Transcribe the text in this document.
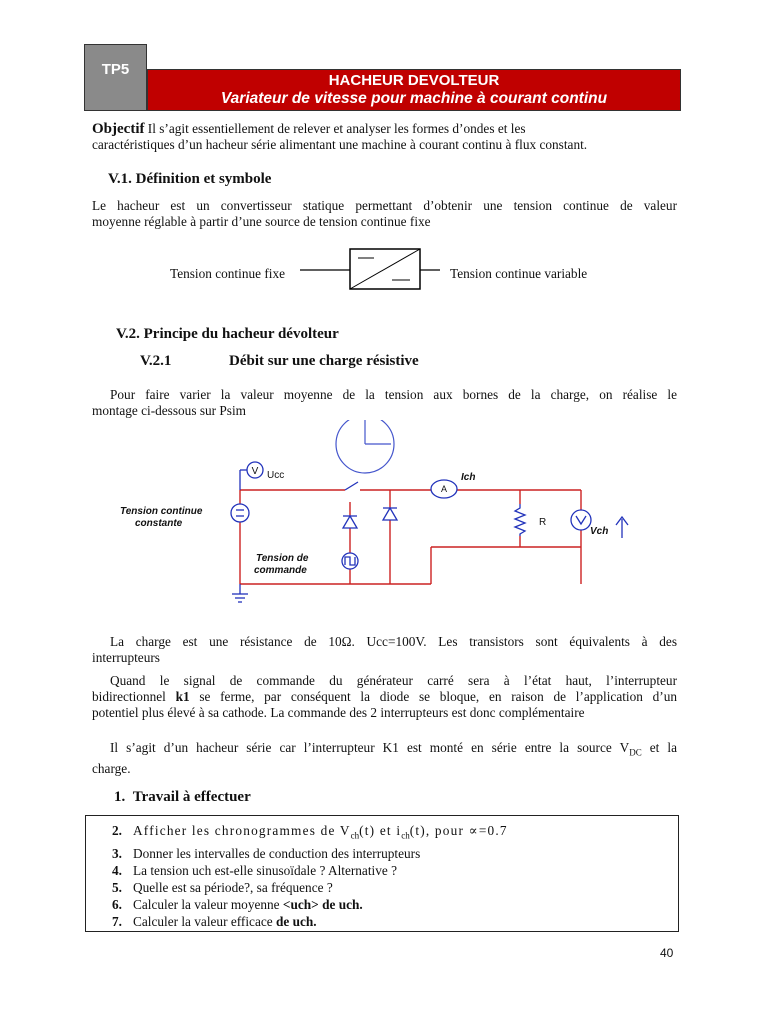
TP5
HACHEUR DEVOLTEUR
Variateur de vitesse pour machine à courant continu
Objectif Il s’agit essentiellement de relever et analyser les formes d’ondes et les
caractéristiques d’un hacheur série alimentant une machine à courant continu à flux constant.
V.1. Définition et symbole
Le hacheur est un convertisseur statique permettant d’obtenir une tension continue de valeur
moyenne réglable à partir d’une source de tension continue fixe
Tension continue fixe	Tension continue variable
V.2. Principe du hacheur dévolteur
V.2.1	Débit sur une charge résistive
Pour faire varier la valeur moyenne de la tension aux bornes de la charge, on réalise le
montage ci-dessous sur Psim
V
A
Ucc	Ich
R
Vch
Tension continue
constante
Tension de
commande
La charge est une résistance de 10Ω. Ucc=100V. Les transistors sont équivalents à des
interrupteurs
Quand le signal de commande du générateur carré sera à l’état haut, l’interrupteur
bidirectionnel k1 se ferme, par conséquent la diode se bloque, en raison de l’application d’un
potentiel plus élevé à sa cathode. La commande des 2 interrupteurs est donc complémentaire
Il s’agit d’un hacheur série car l’interrupteur K1 est monté en série entre la source $V_{DC}$ et la
charge.
1. Travail à effectuer
2. Afficher les chronogrammes de $V_{ch}(t)$ et $i_{ch}(t)$, pour ∝=0.7
3. Donner les intervalles de conduction des interrupteurs
4. La tension uch est-elle sinusoïdale ? Alternative ?
5. Quelle est sa période?, sa fréquence ?
6. Calculer la valeur moyenne <uch> de uch.
7. Calculer la valeur efficace de uch.
40
